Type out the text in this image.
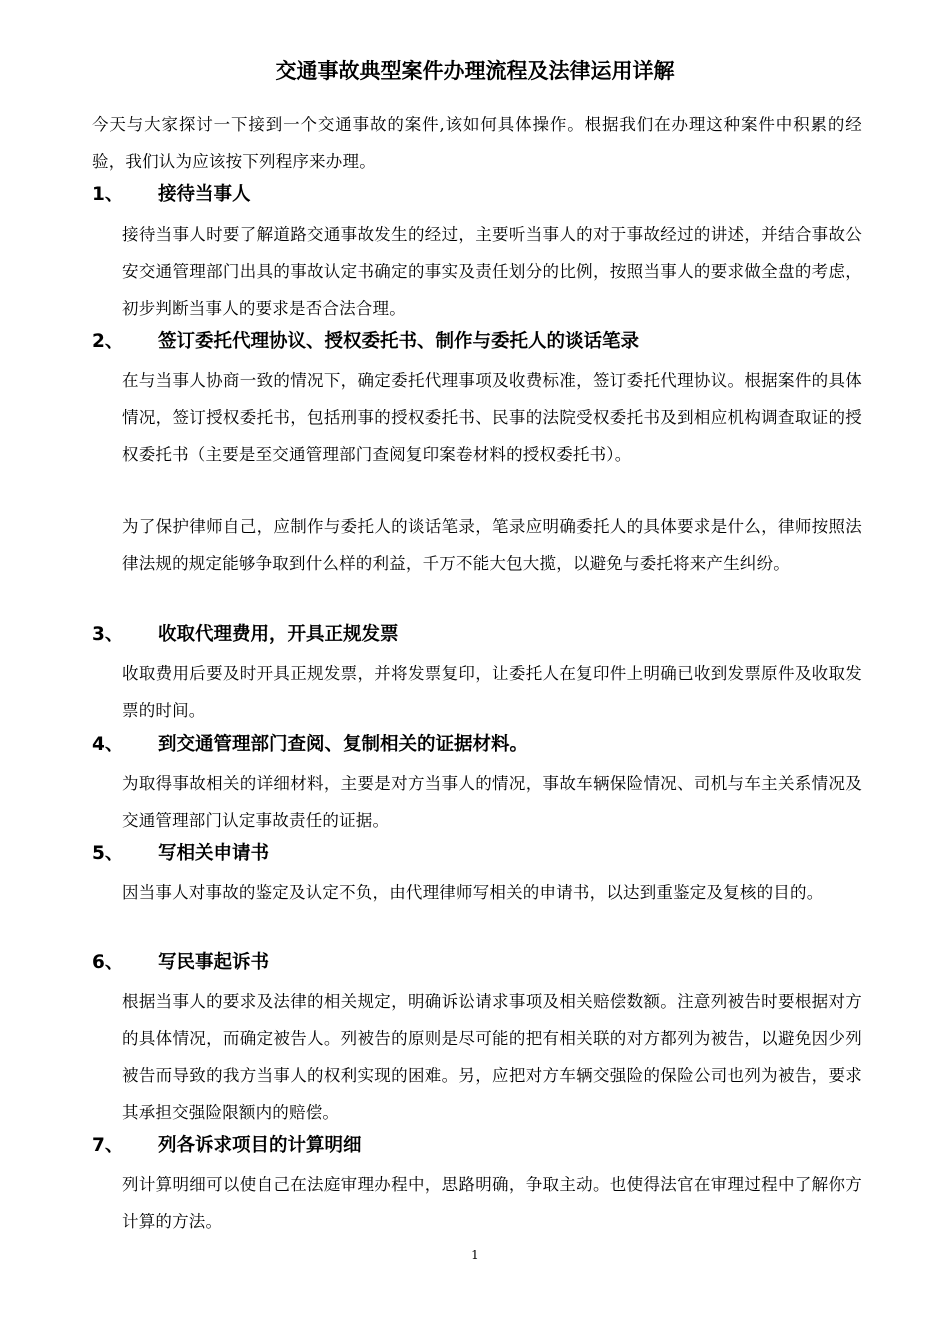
交通事故典型案件办理流程及法律运用详解

今天与大家探讨一下接到一个交通事故的案件,该如何具体操作。根据我们在办理这种案件中积累的经验，我们认为应该按下列程序来办理。

1、 接待当事人

接待当事人时要了解道路交通事故发生的经过，主要听当事人的对于事故经过的讲述，并结合事故公安交通管理部门出具的事故认定书确定的事实及责任划分的比例，按照当事人的要求做全盘的考虑，初步判断当事人的要求是否合法合理。

2、 签订委托代理协议、授权委托书、制作与委托人的谈话笔录

在与当事人协商一致的情况下，确定委托代理事项及收费标准，签订委托代理协议。根据案件的具体情况，签订授权委托书，包括刑事的授权委托书、民事的法院受权委托书及到相应机构调查取证的授权委托书（主要是至交通管理部门查阅复印案卷材料的授权委托书）。

为了保护律师自己，应制作与委托人的谈话笔录，笔录应明确委托人的具体要求是什么，律师按照法律法规的规定能够争取到什么样的利益，千万不能大包大揽，以避免与委托将来产生纠纷。

3、 收取代理费用，开具正规发票

收取费用后要及时开具正规发票，并将发票复印，让委托人在复印件上明确已收到发票原件及收取发票的时间。

4、 到交通管理部门查阅、复制相关的证据材料。

为取得事故相关的详细材料，主要是对方当事人的情况，事故车辆保险情况、司机与车主关系情况及交通管理部门认定事故责任的证据。

5、 写相关申请书

因当事人对事故的鉴定及认定不负，由代理律师写相关的申请书，以达到重鉴定及复核的目的。

6、 写民事起诉书

根据当事人的要求及法律的相关规定，明确诉讼请求事项及相关赔偿数额。注意列被告时要根据对方的具体情况，而确定被告人。列被告的原则是尽可能的把有相关联的对方都列为被告，以避免因少列被告而导致的我方当事人的权利实现的困难。另，应把对方车辆交强险的保险公司也列为被告，要求其承担交强险限额内的赔偿。

7、 列各诉求项目的计算明细

列计算明细可以使自己在法庭审理办程中，思路明确，争取主动。也使得法官在审理过程中了解你方计算的方法。

1
